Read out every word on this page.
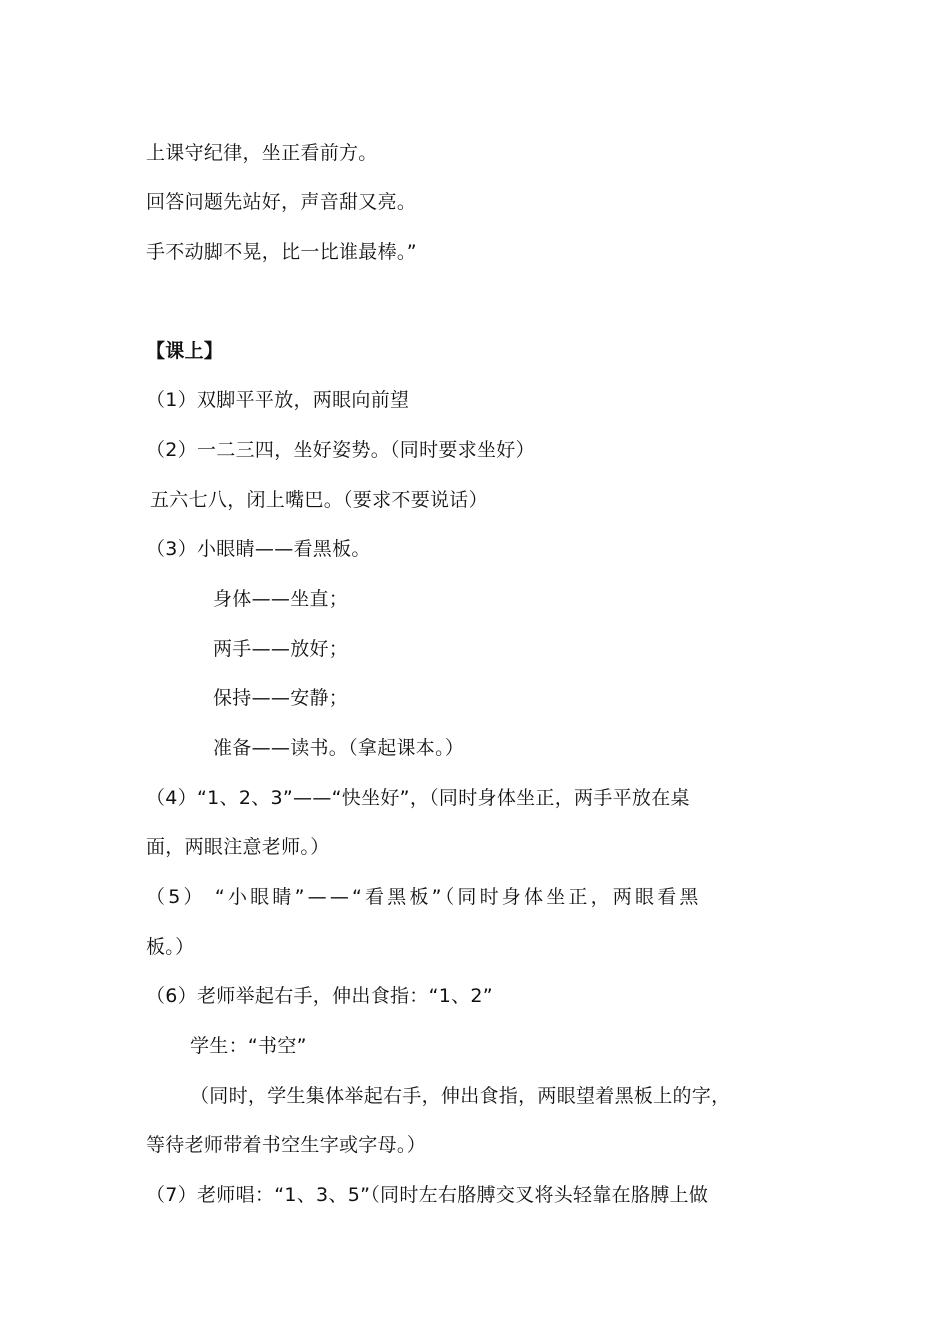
上课守纪律，坐正看前方。
回答问题先站好，声音甜又亮。
手不动脚不晃，比一比谁最棒。”
【课上】
（1）双脚平平放，两眼向前望
（2）一二三四，坐好姿势。（同时要求坐好）
五六七八，闭上嘴巴。（要求不要说话）
（3）小眼睛——看黑板。
身体——坐直；
两手——放好；
保持——安静；
准备——读书。（拿起课本。）
（4）“1、2、3”——“快坐好”，（同时身体坐正，两手平放在桌
面，两眼注意老师。）
（5） “小眼睛”——“看黑板”（同时身体坐正，两眼看黑
板。）
（6）老师举起右手，伸出食指：“1、2”
学生：“书空”
（同时，学生集体举起右手，伸出食指，两眼望着黑板上的字，
等待老师带着书空生字或字母。）
（7）老师唱：“1、3、5”（同时左右胳膊交叉将头轻靠在胳膊上做
